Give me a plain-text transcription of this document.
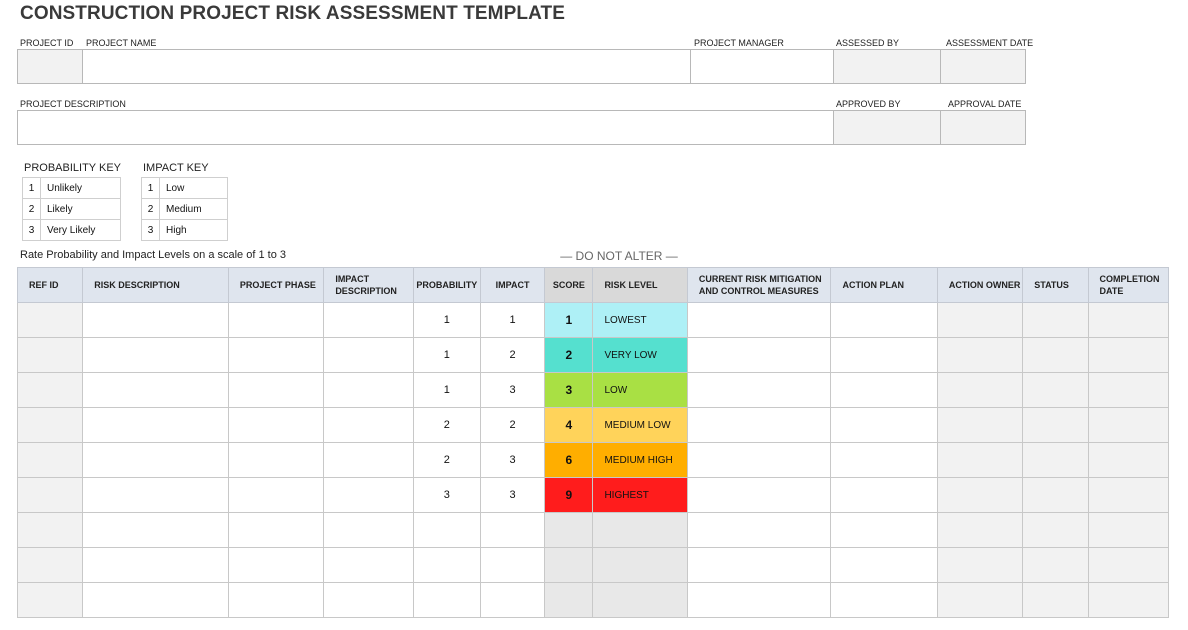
CONSTRUCTION PROJECT RISK ASSESSMENT TEMPLATE
PROJECT ID PROJECT NAME	PROJECT MANAGER	ASSESSED BY	ASSESSMENT DATE
PROJECT DESCRIPTION	APPROVED BY	APPROVAL DATE
PROBABILITY KEY
1	Unlikely
2	Likely
3	Very Likely
IMPACT KEY
1	Low
2	Medium
3	High
Rate Probability and Impact Levels on a scale of 1 to 3	— DO NOT ALTER —
REF ID	RISK DESCRIPTION	PROJECT PHASE	IMPACT DESCRIPTION	PROBABILITY	IMPACT	SCORE	RISK LEVEL	CURRENT RISK MITIGATION AND CONTROL MEASURES	ACTION PLAN	ACTION OWNER	STATUS	COMPLETION DATE
				1	1	1	LOWEST					
				1	2	2	VERY LOW					
				1	3	3	LOW					
				2	2	4	MEDIUM LOW					
				2	3	6	MEDIUM HIGH					
				3	3	9	HIGHEST					
